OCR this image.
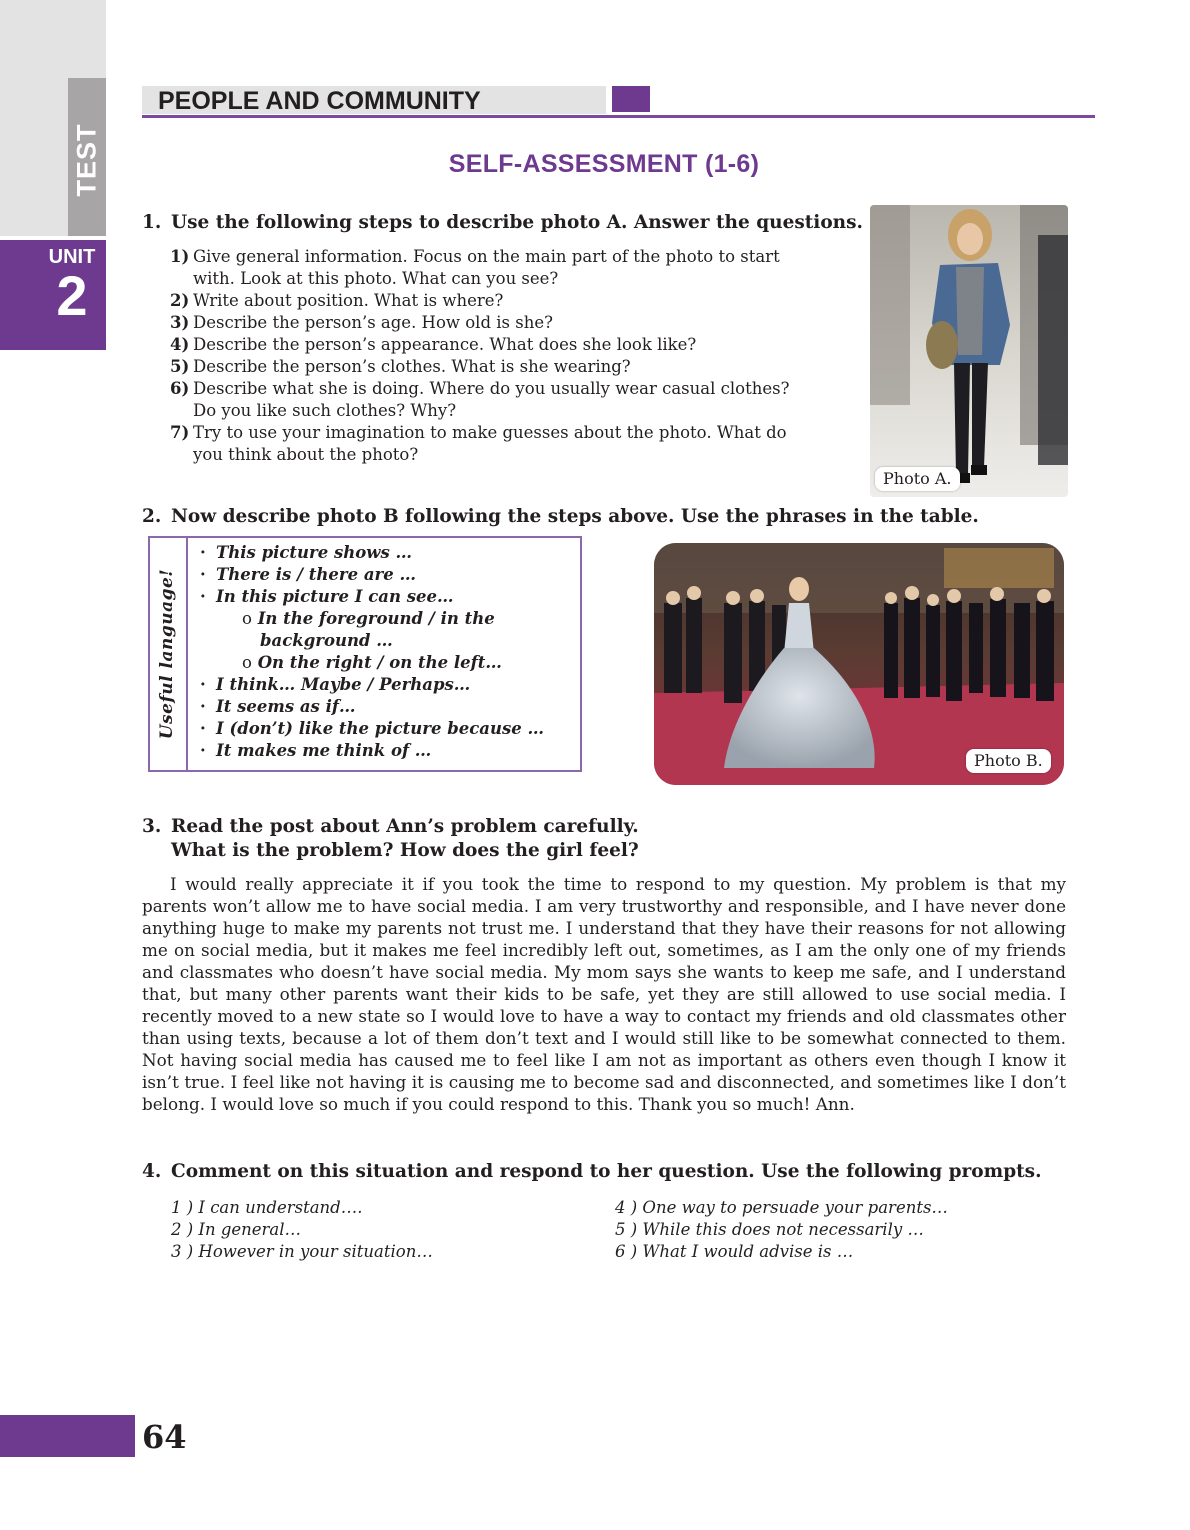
TEST
UNIT
2
PEOPLE AND COMMUNITY
SELF-ASSESSMENT (1-6)
1. Use the following steps to describe photo A. Answer the questions.
1) Give general information. Focus on the main part of the photo to start
with. Look at this photo. What can you see?
2) Write about position. What is where?
3) Describe the person’s age. How old is she?
4) Describe the person’s appearance. What does she look like?
5) Describe the person’s clothes. What is she wearing?
6) Describe what she is doing. Where do you usually wear casual clothes?
Do you like such clothes? Why?
7) Try to use your imagination to make guesses about the photo. What do
you think about the photo?
Photo A.
2. Now describe photo B following the steps above. Use the phrases in the table.
Useful language!
· This picture shows …
· There is / there are …
· In this picture I can see…
o In the foreground / in the
background …
o On the right / on the left…
· I think… Maybe / Perhaps…
· It seems as if…
· I (don’t) like the picture because …
· It makes me think of …
Photo B.
3. Read the post about Ann’s problem carefully.
What is the problem? How does the girl feel?
I would really appreciate it if you took the time to respond to my question. My problem is that my parents won’t allow me to have social media. I am very trustworthy and responsible, and I have never done anything huge to make my parents not trust me. I understand that they have their reasons for not allowing me on social media, but it makes me feel incredibly left out, sometimes, as I am the only one of my friends and classmates who doesn’t have social media. My mom says she wants to keep me safe, and I understand that, but many other parents want their kids to be safe, yet they are still allowed to use social media. I recently moved to a new state so I would love to have a way to contact my friends and old classmates other than using texts, because a lot of them don’t text and I would still like to be somewhat connected to them. Not having social media has caused me to feel like I am not as important as others even though I know it isn’t true. I feel like not having it is causing me to become sad and disconnected, and sometimes like I don’t belong. I would love so much if you could respond to this. Thank you so much! Ann.
4. Comment on this situation and respond to her question. Use the following prompts.
1 ) I can understand….
2 ) In general…
3 ) However in your situation…
4 ) One way to persuade your parents…
5 ) While this does not necessarily …
6 ) What I would advise is …
64
